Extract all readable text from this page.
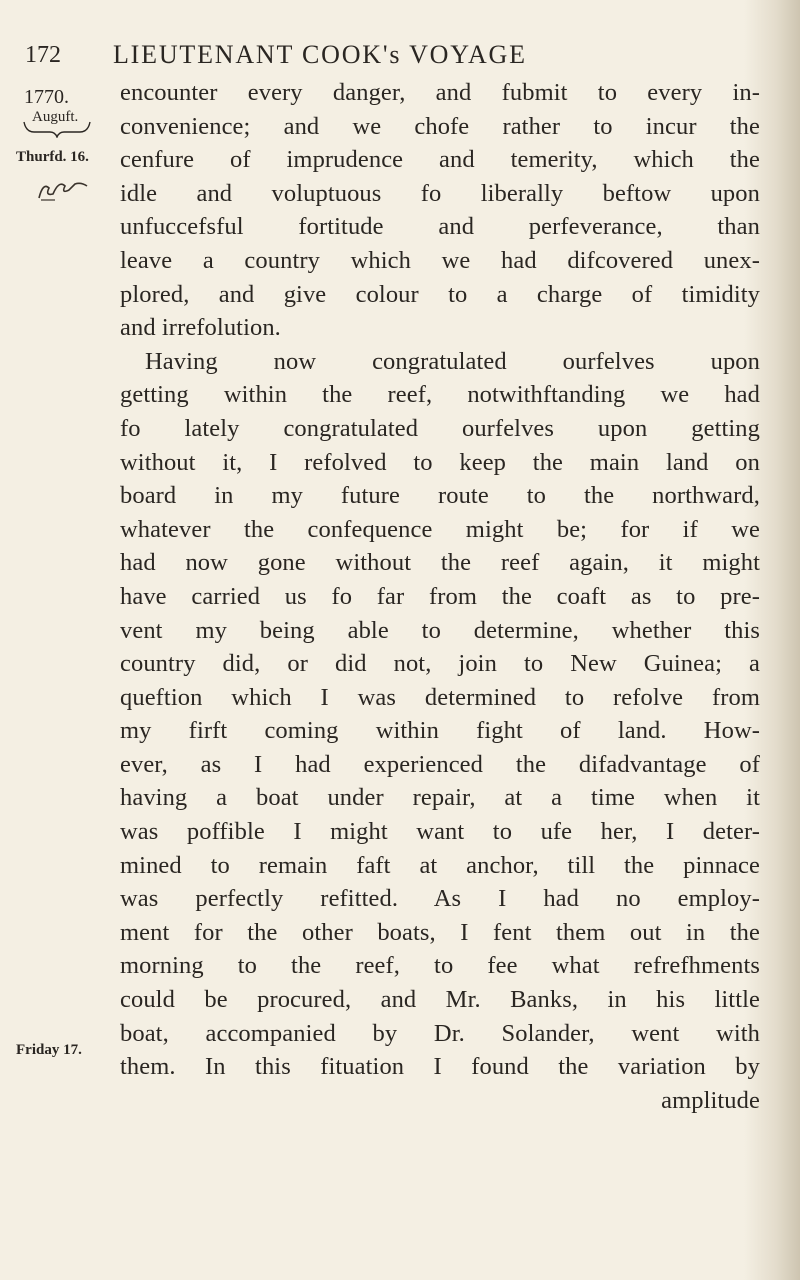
172 LIEUTENANT COOK's VOYAGE
1770.
Auguft.
Thurfd. 16.
Friday 17.
encounter every danger, and fubmit to every in-
convenience; and we chofe rather to incur the
cenfure of imprudence and temerity, which the
idle and voluptuous fo liberally beftow upon
unfuccefsful fortitude and perfeverance, than
leave a country which we had difcovered unex-
plored, and give colour to a charge of timidity
and irrefolution.
Having now congratulated ourfelves upon
getting within the reef, notwithftanding we had
fo lately congratulated ourfelves upon getting
without it, I refolved to keep the main land on
board in my future route to the northward,
whatever the confequence might be; for if we
had now gone without the reef again, it might
have carried us fo far from the coaft as to pre-
vent my being able to determine, whether this
country did, or did not, join to New Guinea; a
queftion which I was determined to refolve from
my firft coming within fight of land. How-
ever, as I had experienced the difadvantage of
having a boat under repair, at a time when it
was poffible I might want to ufe her, I deter-
mined to remain faft at anchor, till the pinnace
was perfectly refitted. As I had no employ-
ment for the other boats, I fent them out in the
morning to the reef, to fee what refrefhments
could be procured, and Mr. Banks, in his little
boat, accompanied by Dr. Solander, went with
them. In this fituation I found the variation by
amplitude
